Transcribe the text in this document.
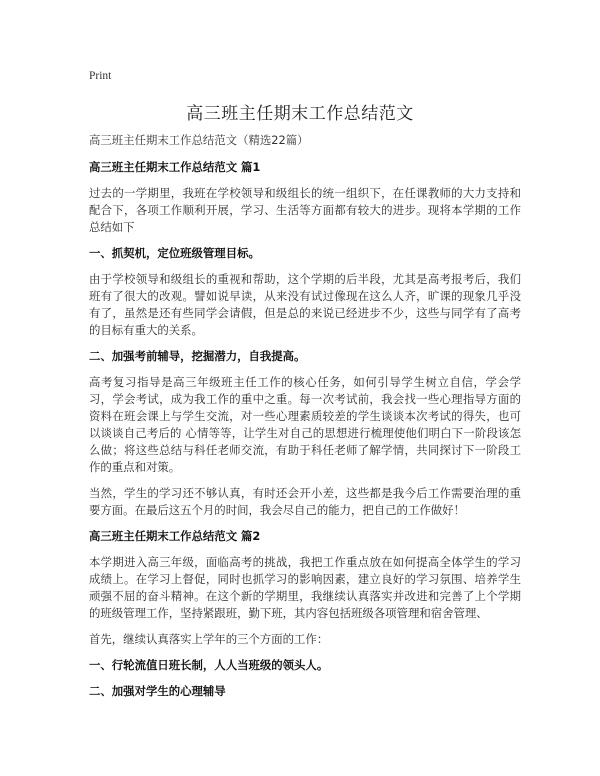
Print
高三班主任期末工作总结范文

高三班主任期末工作总结范文（精选22篇）

高三班主任期末工作总结范文 篇1

过去的一学期里，我班在学校领导和级组长的统一组织下，在任课教师的大力支持和配合下，各项工作顺利开展，学习、生活等方面都有较大的进步。现将本学期的工作总结如下

一、抓契机，定位班级管理目标。

由于学校领导和级组长的重视和帮助，这个学期的后半段，尤其是高考报考后，我们班有了很大的改观。譬如说早读，从来没有试过像现在这么人齐，旷课的现象几乎没有了，虽然是还有些同学会请假，但是总的来说已经进步不少，这些与同学有了高考的目标有重大的关系。

二、加强考前辅导，挖掘潜力，自我提高。

高考复习指导是高三年级班主任工作的核心任务，如何引导学生树立自信，学会学习，学会考试，成为我工作的重中之重。每一次考试前，我会找一些心理指导方面的资料在班会课上与学生交流，对一些心理素质较差的学生谈谈本次考试的得失，也可以谈谈自己考后的 心情等等，让学生对自己的思想进行梳理使他们明白下一阶段该怎么做；将这些总结与科任老师交流，有助于科任老师了解学情，共同探讨下一阶段工作的重点和对策。

当然，学生的学习还不够认真，有时还会开小差，这些都是我今后工作需要治理的重要方面。在最后这五个月的时间，我会尽自己的能力，把自己的工作做好！

高三班主任期末工作总结范文 篇2

本学期进入高三年级，面临高考的挑战，我把工作重点放在如何提高全体学生的学习成绩上。在学习上督促，同时也抓学习的影响因素，建立良好的学习氛围、培养学生顽强不屈的奋斗精神。在这个新的学期里，我继续认真落实并改进和完善了上个学期的班级管理工作，坚持紧跟班，勤下班，其内容包括班级各项管理和宿舍管理、

首先，继续认真落实上学年的三个方面的工作：

一、行轮流值日班长制，人人当班级的领头人。

二、加强对学生的心理辅导
